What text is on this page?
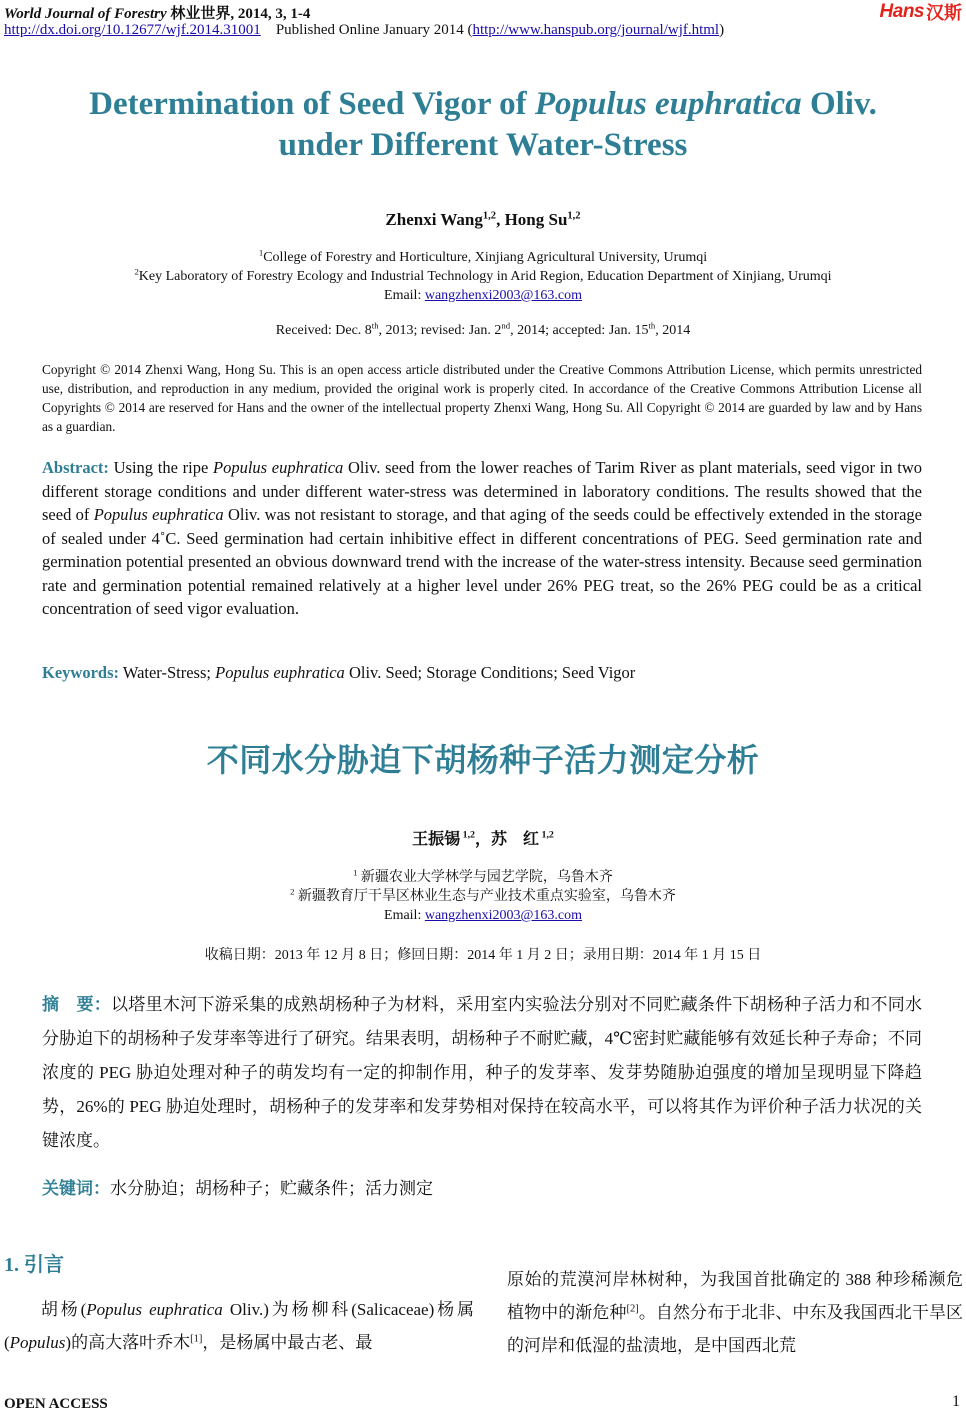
World Journal of Forestry 林业世界, 2014, 3, 1-4
http://dx.doi.org/10.12677/wjf.2014.31001 Published Online January 2014 (http://www.hanspub.org/journal/wjf.html)
Hans 汉斯
Determination of Seed Vigor of Populus euphratica Oliv.
under Different Water-Stress
Zhenxi Wang$^{1,2}$, Hong Su$^{1,2}$
$^1$College of Forestry and Horticulture, Xinjiang Agricultural University, Urumqi
$^2$Key Laboratory of Forestry Ecology and Industrial Technology in Arid Region, Education Department of Xinjiang, Urumqi
Email: wangzhenxi2003@163.com
Received: Dec. 8th, 2013; revised: Jan. 2nd, 2014; accepted: Jan. 15th, 2014
Copyright © 2014 Zhenxi Wang, Hong Su. This is an open access article distributed under the Creative Commons Attribution License, which permits unrestricted use, distribution, and reproduction in any medium, provided the original work is properly cited. In accordance of the Creative Commons Attribution License all Copyrights © 2014 are reserved for Hans and the owner of the intellectual property Zhenxi Wang, Hong Su. All Copyright © 2014 are guarded by law and by Hans as a guardian.
Abstract: Using the ripe Populus euphratica Oliv. seed from the lower reaches of Tarim River as plant materials, seed vigor in two different storage conditions and under different water-stress was determined in laboratory conditions. The results showed that the seed of Populus euphratica Oliv. was not resistant to storage, and that aging of the seeds could be effectively extended in the storage of sealed under 4˚C. Seed germination had certain inhibitive effect in different concentrations of PEG. Seed germination rate and germination potential presented an obvious downward trend with the increase of the water-stress intensity. Because seed germination rate and germination potential remained relatively at a higher level under 26% PEG treat, so the 26% PEG could be as a critical concentration of seed vigor evaluation.
Keywords: Water-Stress; Populus euphratica Oliv. Seed; Storage Conditions; Seed Vigor
不同水分胁迫下胡杨种子活力测定分析
王振锡 $^{1,2}$，苏　红 $^{1,2}$
$^1$ 新疆农业大学林学与园艺学院，乌鲁木齐
$^2$ 新疆教育厅干旱区林业生态与产业技术重点实验室，乌鲁木齐
Email: wangzhenxi2003@163.com
收稿日期：2013 年 12 月 8 日；修回日期：2014 年 1 月 2 日；录用日期：2014 年 1 月 15 日
摘　要：以塔里木河下游采集的成熟胡杨种子为材料，采用室内实验法分别对不同贮藏条件下胡杨种子活力和不同水分胁迫下的胡杨种子发芽率等进行了研究。结果表明，胡杨种子不耐贮藏，4℃密封贮藏能够有效延长种子寿命；不同浓度的 PEG 胁迫处理对种子的萌发均有一定的抑制作用，种子的发芽率、发芽势随胁迫强度的增加呈现明显下降趋势，26%的 PEG 胁迫处理时，胡杨种子的发芽率和发芽势相对保持在较高水平，可以将其作为评价种子活力状况的关键浓度。
关键词：水分胁迫；胡杨种子；贮藏条件；活力测定
1. 引言
胡杨(Populus euphratica Oliv.)为杨柳科(Salicaceae)杨属(Populus)的高大落叶乔木[1]，是杨属中最古老、最
原始的荒漠河岸林树种，为我国首批确定的 388 种珍稀濒危植物中的渐危种[2]。自然分布于北非、中东及我国西北干旱区的河岸和低湿的盐渍地，是中国西北荒
OPEN ACCESS	1
